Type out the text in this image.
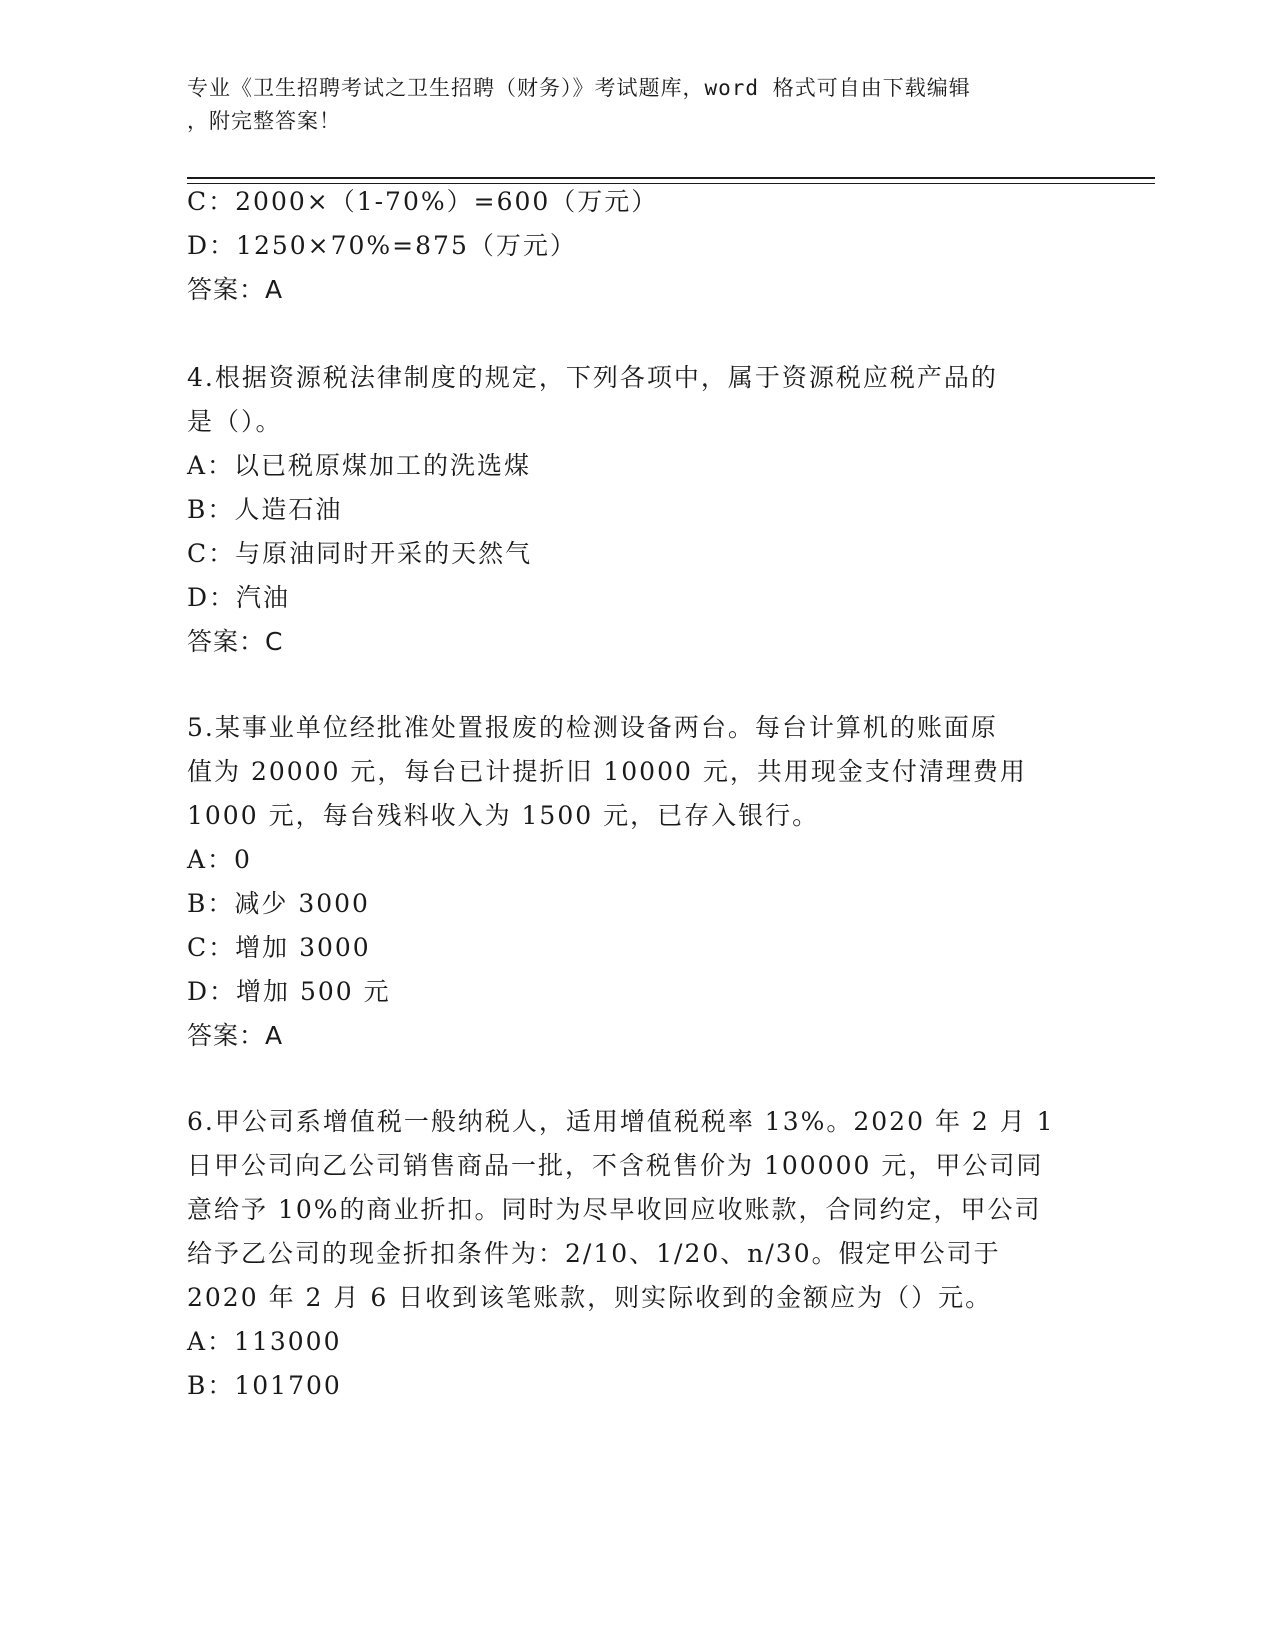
专业《卫生招聘考试之卫生招聘（财务）》考试题库，word 格式可自由下载编辑
，附完整答案！
C：2000×（1-70%）=600（万元）
D：1250×70%=875（万元）
答案：A
4.根据资源税法律制度的规定，下列各项中，属于资源税应税产品的
是（）。
A：以已税原煤加工的洗选煤
B：人造石油
C：与原油同时开采的天然气
D：汽油
答案：C
5.某事业单位经批准处置报废的检测设备两台。每台计算机的账面原
值为 20000 元，每台已计提折旧 10000 元，共用现金支付清理费用
1000 元，每台残料收入为 1500 元，已存入银行。
A：0
B：减少 3000
C：增加 3000
D：增加 500 元
答案：A
6.甲公司系增值税一般纳税人，适用增值税税率 13%。2020 年 2 月 1
日甲公司向乙公司销售商品一批，不含税售价为 100000 元，甲公司同
意给予 10%的商业折扣。同时为尽早收回应收账款，合同约定，甲公司
给予乙公司的现金折扣条件为：2/10、1/20、n/30。假定甲公司于
2020 年 2 月 6 日收到该笔账款，则实际收到的金额应为（）元。
A：113000
B：101700
